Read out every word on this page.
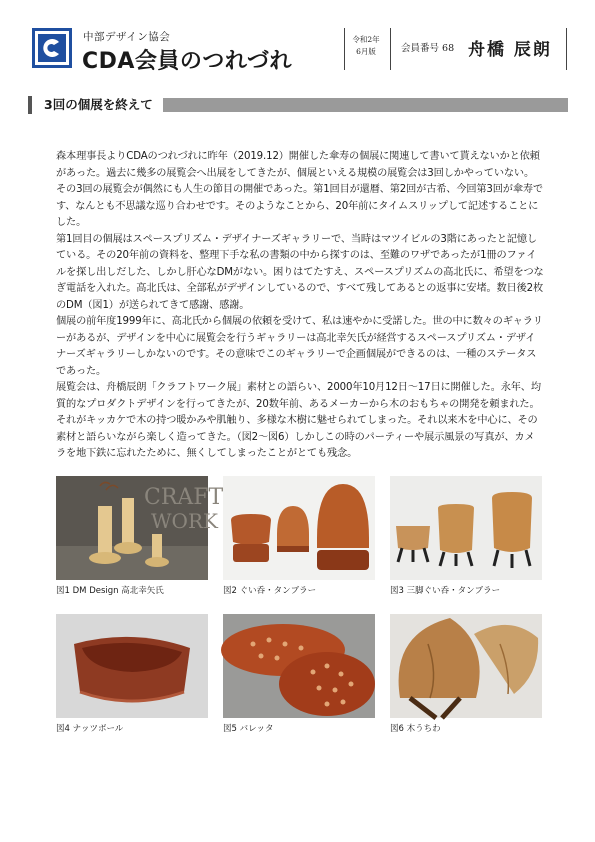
中部デザイン協会
CDA会員のつれづれ
令和2年
6月版	会員番号 68 舟橋 辰朗
3回の個展を終えて

森本理事長よりCDAのつれづれに昨年（2019.12）開催した傘寿の個展に関連して書いて貰えないかと依頼があった。過去に幾多の展覧会へ出展をしてきたが、個展といえる規模の展覧会は3回しかやっていない。その3回の展覧会が偶然にも人生の節目の開催であった。第1回目が還暦、第2回が古希、今回第3回が傘寿です、なんとも不思議な巡り合わせです。そのようなことから、20年前にタイムスリップして記述することにした。

第1回目の個展はスペースプリズム・デザイナーズギャラリーで、当時はマツイビルの3階にあったと記憶している。その20年前の資料を、整理下手な私の書類の中から探すのは、至難のワザであったが1冊のファイルを探し出しだした、しかし肝心なDMがない。困りはてたすえ、スペースプリズムの高北氏に、希望をつなぎ電話を入れた。高北氏は、全部私がデザインしているので、すべて残してあるとの返事に安堵。数日後2枚のDM（図1）が送られてきて感謝、感謝。

個展の前年度1999年に、高北氏から個展の依頼を受けて、私は速やかに受諾した。世の中に数々のギャラリーがあるが、デザインを中心に展覧会を行うギャラリーは高北幸矢氏が経営するスペースプリズム・デザイナーズギャラリーしかないのです。その意味でこのギャラリーで企画個展ができるのは、一種のステータスであった。

展覧会は、舟橋辰朗「クラフトワーク展」素材との語らい、2000年10月12日～17日に開催した。永年、均質的なプロダクトデザインを行ってきたが、20数年前、あるメーカーから木のおもちゃの開発を頼まれた。それがキッカケで木の持つ暖かみや肌触り、多様な木樹に魅せられてしまった。それ以来木を中心に、その素材と語らいながら楽しく造ってきた。（図2～図6）しかしこの時のパーティーや展示風景の写真が、カメラを地下鉄に忘れたために、無くしてしまったことがとても残念。

CRAFT
WORK
図1 DM Design 高北幸矢氏	図2 ぐい呑・タンブラー	図3 三脚ぐい呑・タンブラー
図4 ナッツボール	図5 バレッタ	図6 木うちわ
